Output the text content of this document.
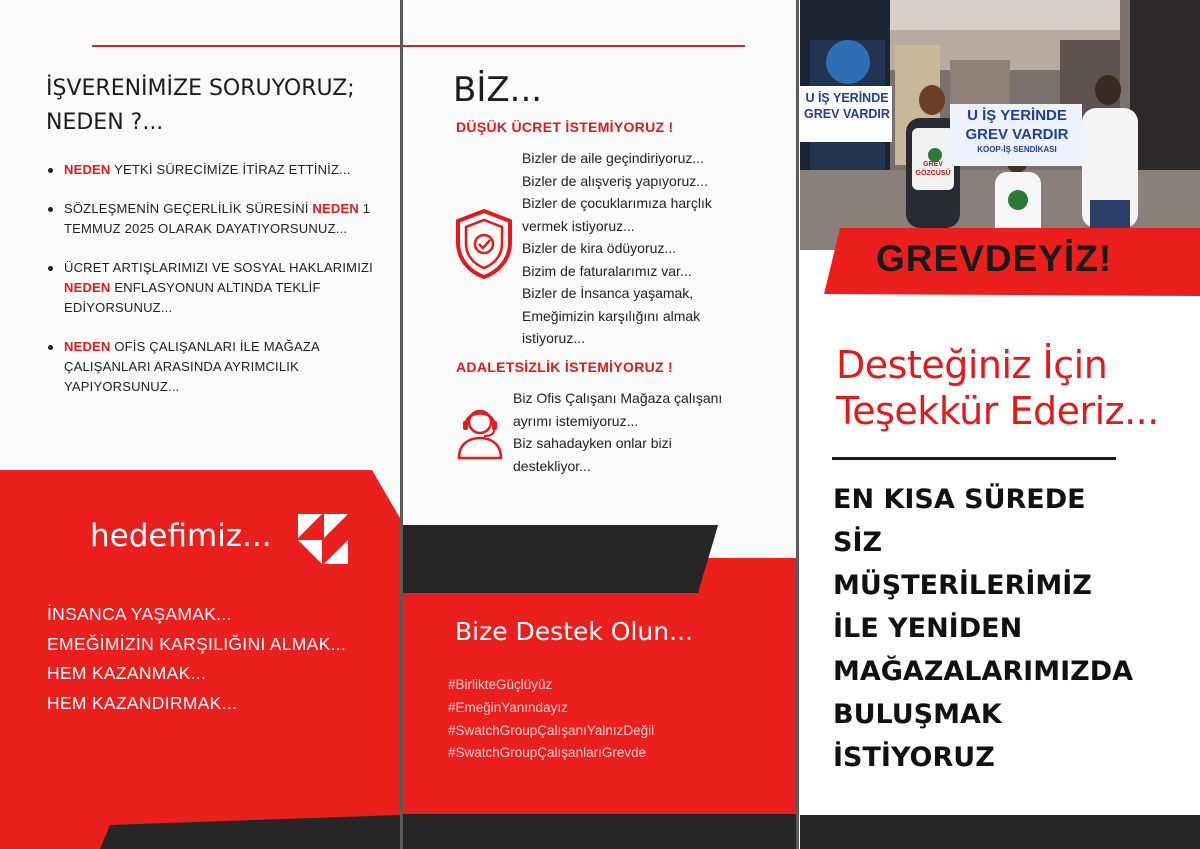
İŞVERENİMİZE SORUYORUZ;
NEDEN ?...
NEDEN YETKİ SÜRECİMİZE İTİRAZ ETTİNİZ...
SÖZLEŞMENİN GEÇERLİLİK SÜRESİNİ NEDEN 1 TEMMUZ 2025 OLARAK DAYATIYORSUNUZ...
ÜCRET ARTIŞLARIMIZI VE SOSYAL HAKLARIMIZI NEDEN ENFLASYONUN ALTINDA TEKLİF EDİYORSUNUZ...
NEDEN OFİS ÇALIŞANLARI İLE MAĞAZA ÇALIŞANLARI ARASINDA AYRIMCILIK YAPIYORSUNUZ...
hedefimiz...
İNSANCA YAŞAMAK...
EMEĞİMİZİN KARŞILIĞINI ALMAK...
HEM KAZANMAK...
HEM KAZANDIRMAK...
BİZ...
DÜŞÜK ÜCRET İSTEMİYORUZ !
Bizler de aile geçindiriyoruz...
Bizler de alışveriş yapıyoruz...
Bizler de çocuklarımıza harçlık
vermek istiyoruz...
Bizler de kira ödüyoruz...
Bizim de faturalarımız var...
Bizler de İnsanca yaşamak,
Emeğimizin karşılığını almak
istiyoruz...
ADALETSİZLİK İSTEMİYORUZ !
Biz Ofis Çalışanı Mağaza çalışanı
ayrımı istemiyoruz...
Biz sahadayken onlar bizi
destekliyor...
Bize Destek Olun...
#BirlikteGüçlüyüz
#EmeğinYanındayız
#SwatchGroupÇalışanıYalnızDeğil
#SwatchGroupÇalışanlarıGrevde
U İŞ YERİNDE
GREV VARDIR	U İŞ YERİNDE
GREV VARDIR
KOOP-İŞ SENDİKASI
GREV
GÖZCÜSÜ
GREVDEYİZ!
Desteğiniz İçin
Teşekkür Ederiz...
EN KISA SÜREDE
SİZ
MÜŞTERİLERİMİZ
İLE YENİDEN
MAĞAZALARIMIZDA
BULUŞMAK
İSTİYORUZ
